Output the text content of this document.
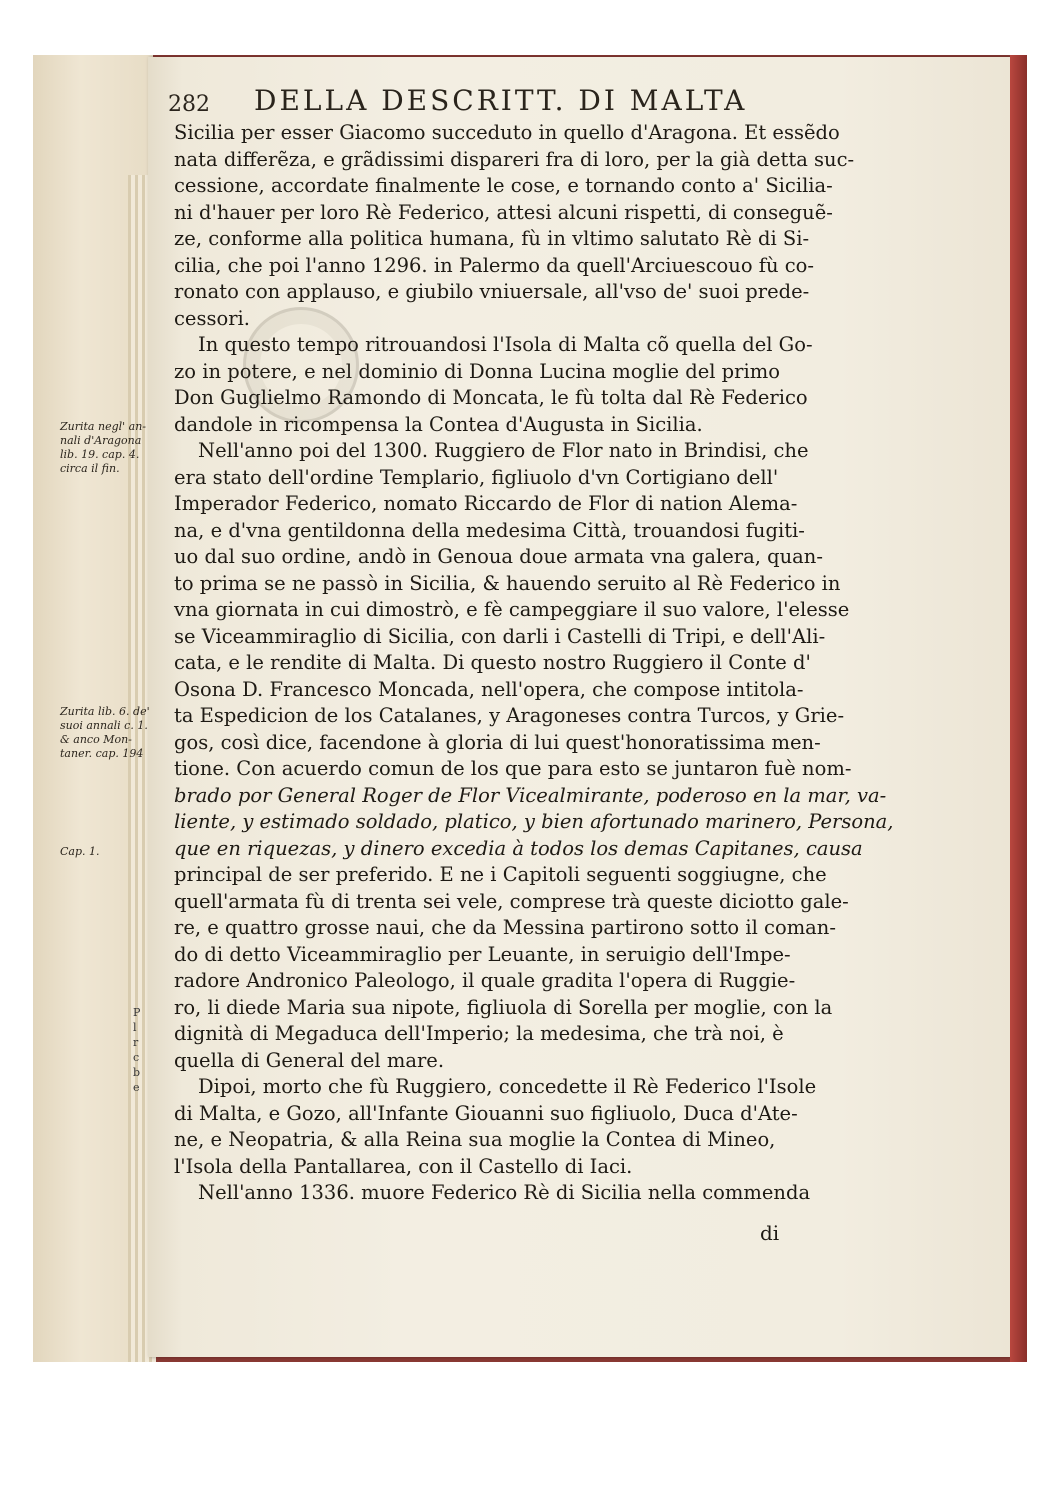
P
l
r
c
b
e
282 DELLA DESCRITT. DI MALTA
Zurita negl' an-
nali d'Aragona
lib. 19. cap. 4.
circa il fin.
Zurita lib. 6. de'
suoi annali c. 1.
& anco Mon-
taner. cap. 194
Cap. 1.
Sicilia per esser Giacomo succeduto in quello d'Aragona. Et essẽdo
nata differẽza, e grãdissimi dispareri fra di loro, per la già detta suc-
cessione, accordate finalmente le cose, e tornando conto a' Sicilia-
ni d'hauer per loro Rè Federico, attesi alcuni rispetti, di conseguẽ-
ze, conforme alla politica humana, fù in vltimo salutato Rè di Si-
cilia, che poi l'anno 1296. in Palermo da quell'Arciuescouo fù co-
ronato con applauso, e giubilo vniuersale, all'vso de' suoi prede-
cessori.
In questo tempo ritrouandosi l'Isola di Malta cõ quella del Go-
zo in potere, e nel dominio di Donna Lucina moglie del primo
Don Guglielmo Ramondo di Moncata, le fù tolta dal Rè Federico
dandole in ricompensa la Contea d'Augusta in Sicilia.
Nell'anno poi del 1300. Ruggiero de Flor nato in Brindisi, che
era stato dell'ordine Templario, figliuolo d'vn Cortigiano dell'
Imperador Federico, nomato Riccardo de Flor di nation Alema-
na, e d'vna gentildonna della medesima Città, trouandosi fugiti-
uo dal suo ordine, andò in Genoua doue armata vna galera, quan-
to prima se ne passò in Sicilia, & hauendo seruito al Rè Federico in
vna giornata in cui dimostrò, e fè campeggiare il suo valore, l'elesse
se Viceammiraglio di Sicilia, con darli i Castelli di Tripi, e dell'Ali-
cata, e le rendite di Malta. Di questo nostro Ruggiero il Conte d'
Osona D. Francesco Moncada, nell'opera, che compose intitola-
ta Espedicion de los Catalanes, y Aragoneses contra Turcos, y Grie-
gos, così dice, facendone à gloria di lui quest'honoratissima men-
tione. Con acuerdo comun de los que para esto se juntaron fuè nom-
brado por General Roger de Flor Vicealmirante, poderoso en la mar, va-
liente, y estimado soldado, platico, y bien afortunado marinero, Persona,
que en riquezas, y dinero excedia à todos los demas Capitanes, causa
principal de ser preferido. E ne i Capitoli seguenti soggiugne, che
quell'armata fù di trenta sei vele, comprese trà queste diciotto gale-
re, e quattro grosse naui, che da Messina partirono sotto il coman-
do di detto Viceammiraglio per Leuante, in seruigio dell'Impe-
radore Andronico Paleologo, il quale gradita l'opera di Ruggie-
ro, li diede Maria sua nipote, figliuola di Sorella per moglie, con la
dignità di Megaduca dell'Imperio; la medesima, che trà noi, è
quella di General del mare.
Dipoi, morto che fù Ruggiero, concedette il Rè Federico l'Isole
di Malta, e Gozo, all'Infante Giouanni suo figliuolo, Duca d'Ate-
ne, e Neopatria, & alla Reina sua moglie la Contea di Mineo,
l'Isola della Pantallarea, con il Castello di Iaci.
Nell'anno 1336. muore Federico Rè di Sicilia nella commenda
di
